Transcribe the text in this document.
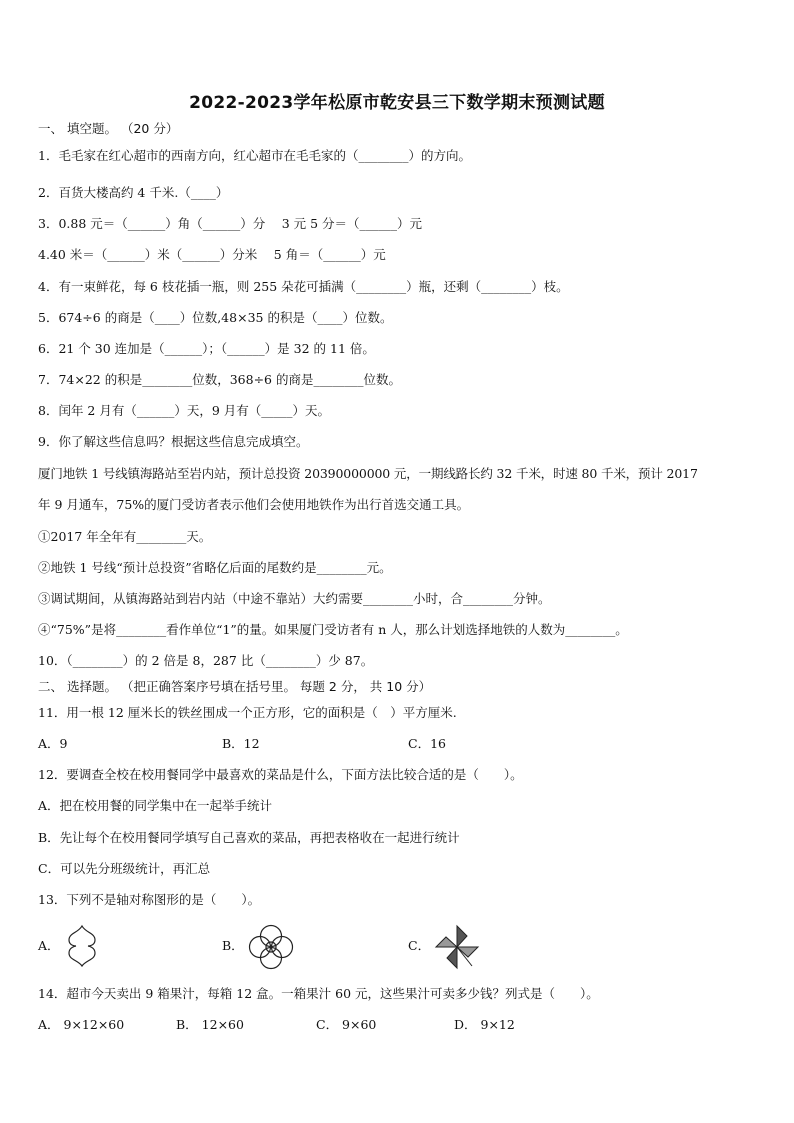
2022-2023学年松原市乾安县三下数学期末预测试题
一、 填空题。 （20 分）
1．毛毛家在红心超市的西南方向，红心超市在毛毛家的（________）的方向。
2．百货大楼高约 4 千米.（____）
3．0.88 元＝（______）角（______）分　 3 元 5 分＝（______）元
4.40 米＝（______）米（______）分米　 5 角＝（______）元
4．有一束鲜花，每 6 枝花插一瓶，则 255 朵花可插满（________）瓶，还剩（________）枝。
5．674÷6 的商是（____）位数,48×35 的积是（____）位数。
6．21 个 30 连加是（______）；（______）是 32 的 11 倍。
7．74×22 的积是________位数，368÷6 的商是________位数。
8．闰年 2 月有（______）天，9 月有（_____）天。
9．你了解这些信息吗？根据这些信息完成填空。
厦门地铁 1 号线镇海路站至岩内站，预计总投资 20390000000 元，一期线路长约 32 千米，时速 80 千米，预计 2017
年 9 月通车，75%的厦门受访者表示他们会使用地铁作为出行首选交通工具。
①2017 年全年有________天。
②地铁 1 号线“预计总投资”省略亿后面的尾数约是________元。
③调试期间，从镇海路站到岩内站（中途不靠站）大约需要________小时，合________分钟。
④“75%”是将________看作单位“1”的量。如果厦门受访者有 n 人，那么计划选择地铁的人数为________。
10．（________）的 2 倍是 8，287 比（________）少 87。
二、 选择题。 （把正确答案序号填在括号里。 每题 2 分， 共 10 分）
11．用一根 12 厘米长的铁丝围成一个正方形，它的面积是（　）平方厘米.
A．9	B．12	C．16
12．要调查全校在校用餐同学中最喜欢的菜品是什么，下面方法比较合适的是（　　）。
A．把在校用餐的同学集中在一起举手统计
B．先让每个在校用餐同学填写自己喜欢的菜品，再把表格收在一起进行统计
C．可以先分班级统计，再汇总
13．下列不是轴对称图形的是（　　）。
A．	B．	C．
14．超市今天卖出 9 箱果汁，每箱 12 盒。一箱果汁 60 元，这些果汁可卖多少钱？列式是（　　）。
A． 9×12×60	B． 12×60	C． 9×60	D． 9×12
